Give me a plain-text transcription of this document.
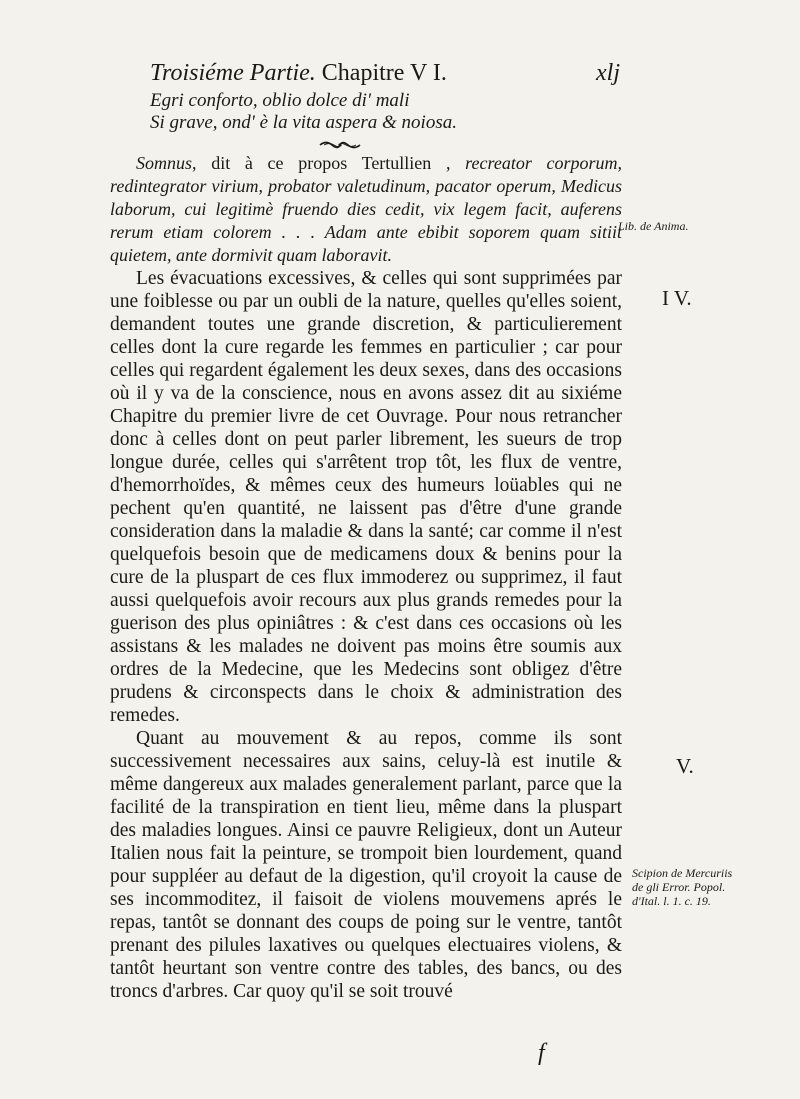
Troisiéme Partie. Chapitre V I.	xlj
Egri conforto, oblio dolce di' mali
Si grave, ond' è la vita aspera & noiosa.

Somnus, dit à ce propos Tertullien , recreator corporum, redintegrator virium, probator valetudinum, pacator operum, Medicus laborum, cui legitimè fruendo dies cedit, vix legem facit, auferens rerum etiam colorem . . . Adam ante ebibit soporem quam sitiit quietem, ante dormivit quam laboravit.

Les évacuations excessives, & celles qui sont supprimées par une foiblesse ou par un oubli de la nature, quelles qu'elles soient, demandent toutes une grande discretion, & particulierement celles dont la cure regarde les femmes en particulier ; car pour celles qui regardent également les deux sexes, dans des occasions où il y va de la conscience, nous en avons assez dit au sixiéme Chapitre du premier livre de cet Ouvrage. Pour nous retrancher donc à celles dont on peut parler librement, les sueurs de trop longue durée, celles qui s'arrêtent trop tôt, les flux de ventre, d'hemorrhoïdes, & mêmes ceux des humeurs loüables qui ne pechent qu'en quantité, ne laissent pas d'être d'une grande consideration dans la maladie & dans la santé; car comme il n'est quelquefois besoin que de medicamens doux & benins pour la cure de la pluspart de ces flux immoderez ou supprimez, il faut aussi quelquefois avoir recours aux plus grands remedes pour la guerison des plus opiniâtres : & c'est dans ces occasions où les assistans & les malades ne doivent pas moins être soumis aux ordres de la Medecine, que les Medecins sont obligez d'être prudens & circonspects dans le choix & administration des remedes.

Quant au mouvement & au repos, comme ils sont successivement necessaires aux sains, celuy-là est inutile & même dangereux aux malades generalement parlant, parce que la facilité de la transpiration en tient lieu, même dans la pluspart des maladies longues. Ainsi ce pauvre Religieux, dont un Auteur Italien nous fait la peinture, se trompoit bien lourdement, quand pour suppléer au defaut de la digestion, qu'il croyoit la cause de ses incommoditez, il faisoit de violens mouvemens aprés le repas, tantôt se donnant des coups de poing sur le ventre, tantôt prenant des pilules laxatives ou quelques electuaires violens, & tantôt heurtant son ventre contre des tables, des bancs, ou des troncs d'arbres. Car quoy qu'il se soit trouvé

Lib. de Anima.
I V.
V.
Scipion de Mercuriis
de gli Error. Popol.
d'Ital. l. 1. c. 19.
f
